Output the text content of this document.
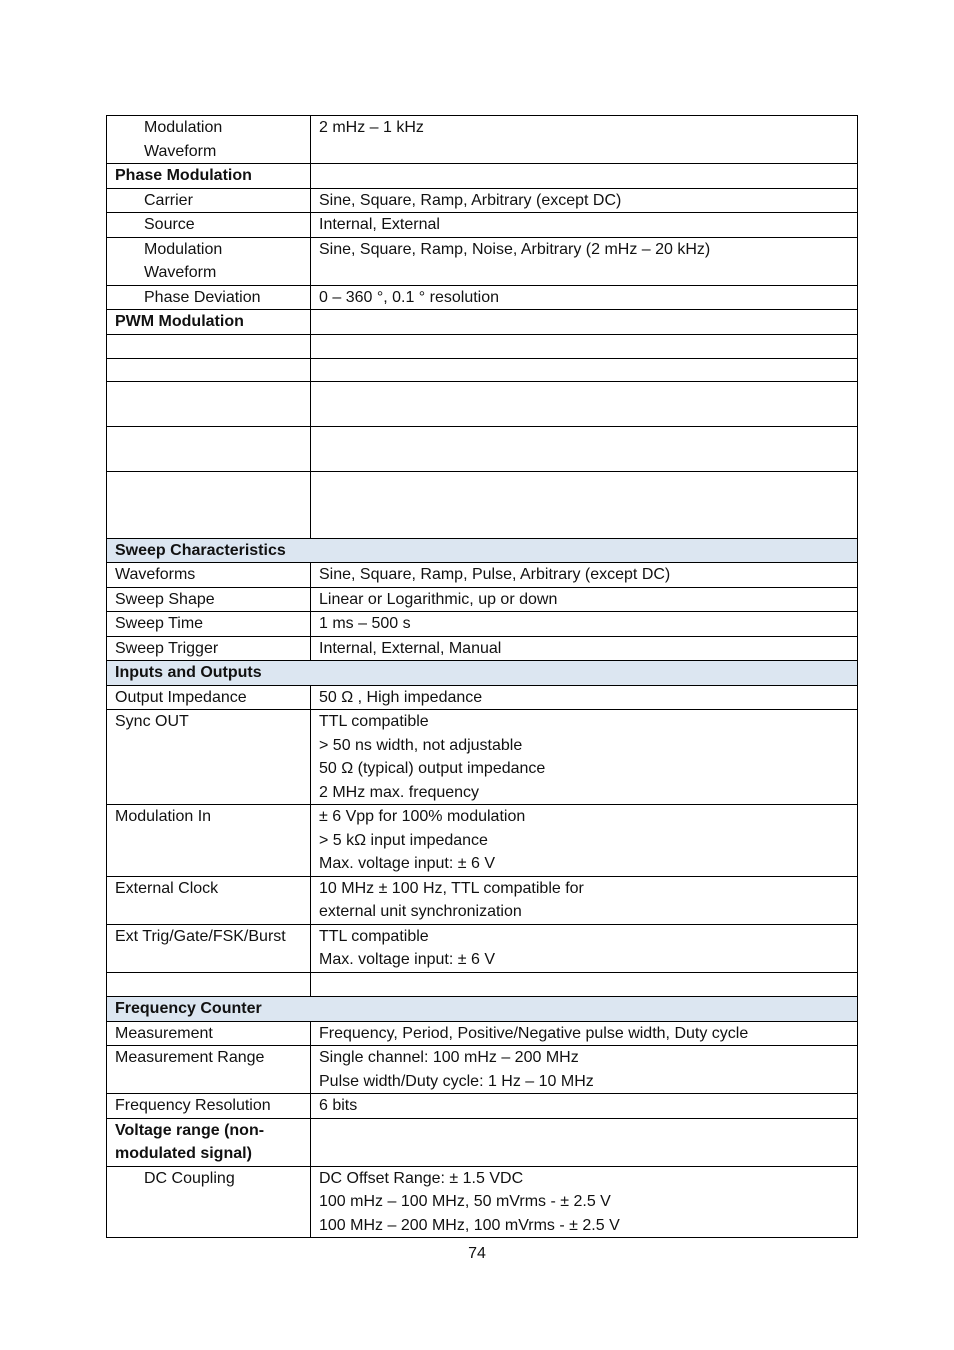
Modulation
Waveform	2 mHz – 1 kHz

Phase Modulation	

Carrier	Sine, Square, Ramp, Arbitrary (except DC)

Source	Internal, External

Modulation
Waveform	Sine, Square, Ramp, Noise, Arbitrary (2 mHz – 20 kHz)

Phase Deviation	0 – 360 °, 0.1 ° resolution

PWM Modulation	

Sweep Characteristics	

Waveforms	Sine, Square, Ramp, Pulse, Arbitrary (except DC)

Sweep Shape	Linear or Logarithmic, up or down

Sweep Time	1 ms – 500 s

Sweep Trigger	Internal, External, Manual

Inputs and Outputs	

Output Impedance	50 Ω , High impedance

Sync OUT	TTL compatible
> 50 ns width, not adjustable
50 Ω (typical) output impedance
2 MHz max. frequency

Modulation In	± 6 Vpp for 100% modulation
> 5 kΩ input impedance
Max. voltage input: ± 6 V

External Clock	10 MHz ± 100 Hz, TTL compatible for
external unit synchronization

Ext Trig/Gate/FSK/Burst	TTL compatible
Max. voltage input: ± 6 V

Frequency Counter	

Measurement	Frequency, Period, Positive/Negative pulse width, Duty cycle

Measurement Range	Single channel: 100 mHz – 200 MHz
Pulse width/Duty cycle: 1 Hz – 10 MHz

Frequency Resolution	6 bits

Voltage range (non-
modulated signal)	

DC Coupling	DC Offset Range: ± 1.5 VDC
100 mHz – 100 MHz, 50 mVrms - ± 2.5 V
100 MHz – 200 MHz, 100 mVrms - ± 2.5 V
74
